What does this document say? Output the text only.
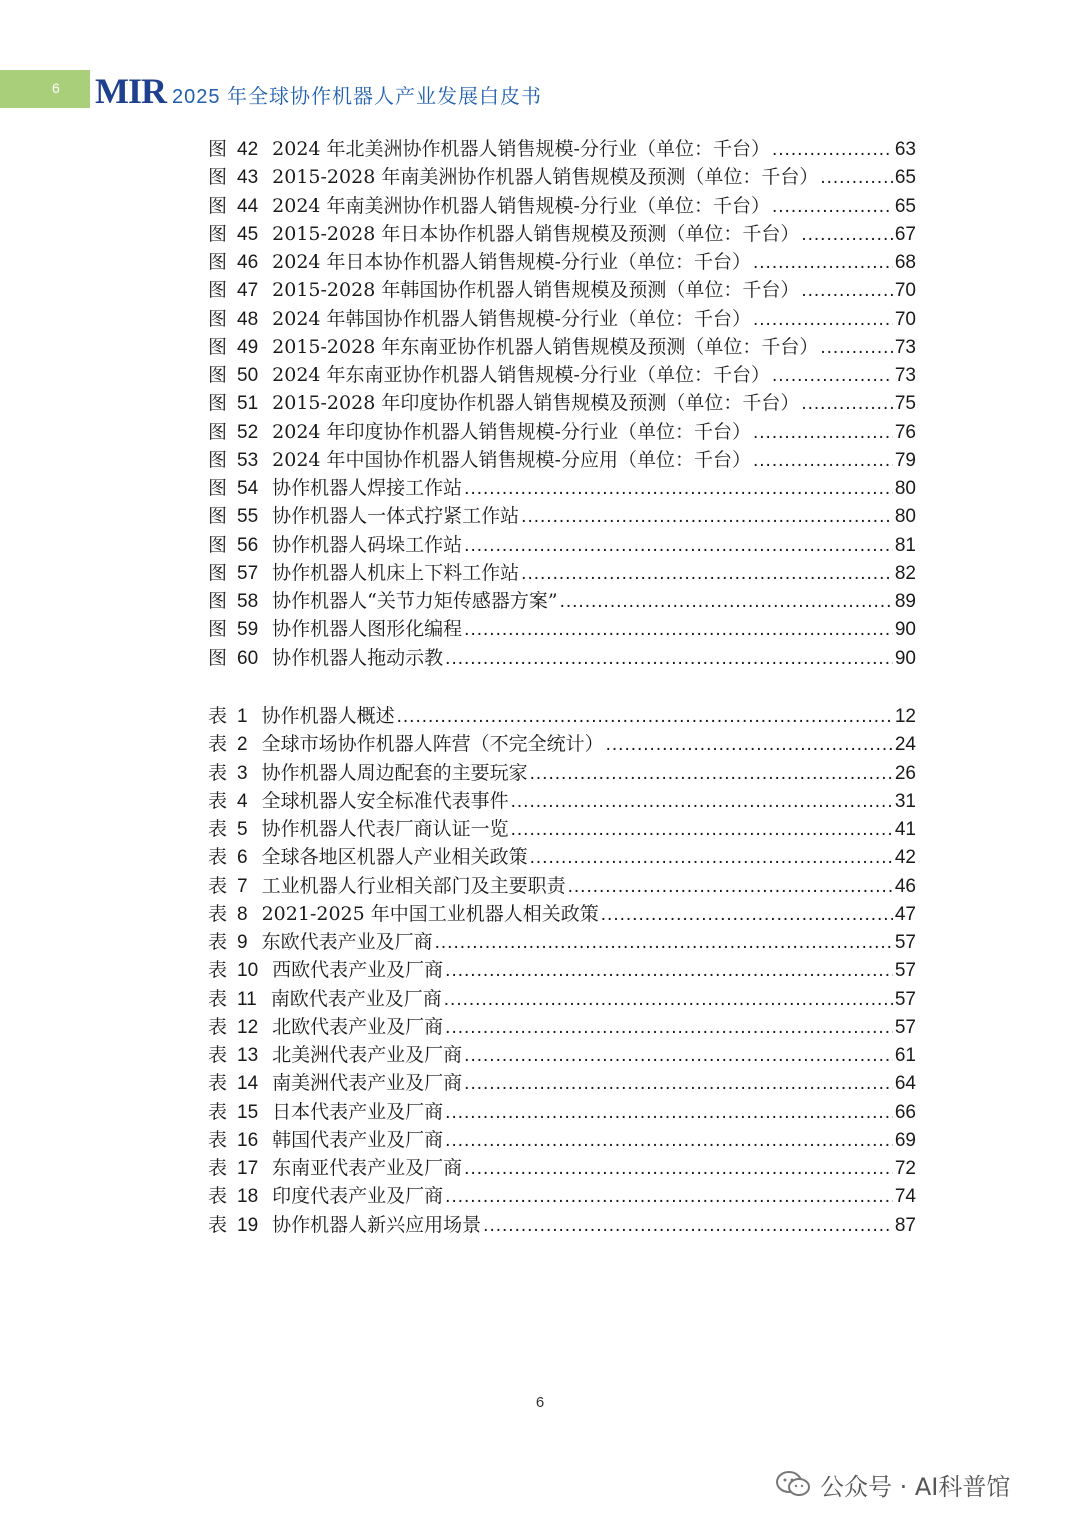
6 MIR 2025 年全球协作机器人产业发展白皮书
图 42 2024 年北美洲协作机器人销售规模-分行业（单位：千台） .....	63
图 43 2015-2028 年南美洲协作机器人销售规模及预测（单位：千台） .....	65
图 44 2024 年南美洲协作机器人销售规模-分行业（单位：千台） .....	65
图 45 2015-2028 年日本协作机器人销售规模及预测（单位：千台） .....	67
图 46 2024 年日本协作机器人销售规模-分行业（单位：千台） .....	68
图 47 2015-2028 年韩国协作机器人销售规模及预测（单位：千台） .....	70
图 48 2024 年韩国协作机器人销售规模-分行业（单位：千台） .....	70
图 49 2015-2028 年东南亚协作机器人销售规模及预测（单位：千台） .....	73
图 50 2024 年东南亚协作机器人销售规模-分行业（单位：千台） .....	73
图 51 2015-2028 年印度协作机器人销售规模及预测（单位：千台） .....	75
图 52 2024 年印度协作机器人销售规模-分行业（单位：千台） .....	76
图 53 2024 年中国协作机器人销售规模-分应用（单位：千台） .....	79
图 54 协作机器人焊接工作站 .....	80
图 55 协作机器人一体式拧紧工作站 .....	80
图 56 协作机器人码垛工作站 .....	81
图 57 协作机器人机床上下料工作站 .....	82
图 58 协作机器人“关节力矩传感器方案” .....	89
图 59 协作机器人图形化编程 .....	90
图 60 协作机器人拖动示教 .....	90
表 1 协作机器人概述 .....	12
表 2 全球市场协作机器人阵营（不完全统计） .....	24
表 3 协作机器人周边配套的主要玩家 .....	26
表 4 全球机器人安全标准代表事件 .....	31
表 5 协作机器人代表厂商认证一览 .....	41
表 6 全球各地区机器人产业相关政策 .....	42
表 7 工业机器人行业相关部门及主要职责 .....	46
表 8 2021-2025 年中国工业机器人相关政策 .....	47
表 9 东欧代表产业及厂商 .....	57
表 10 西欧代表产业及厂商 .....	57
表 11 南欧代表产业及厂商 .....	57
表 12 北欧代表产业及厂商 .....	57
表 13 北美洲代表产业及厂商 .....	61
表 14 南美洲代表产业及厂商 .....	64
表 15 日本代表产业及厂商 .....	66
表 16 韩国代表产业及厂商 .....	69
表 17 东南亚代表产业及厂商 .....	72
表 18 印度代表产业及厂商 .....	74
表 19 协作机器人新兴应用场景 .....	87
6
公众号 · AI科普馆
